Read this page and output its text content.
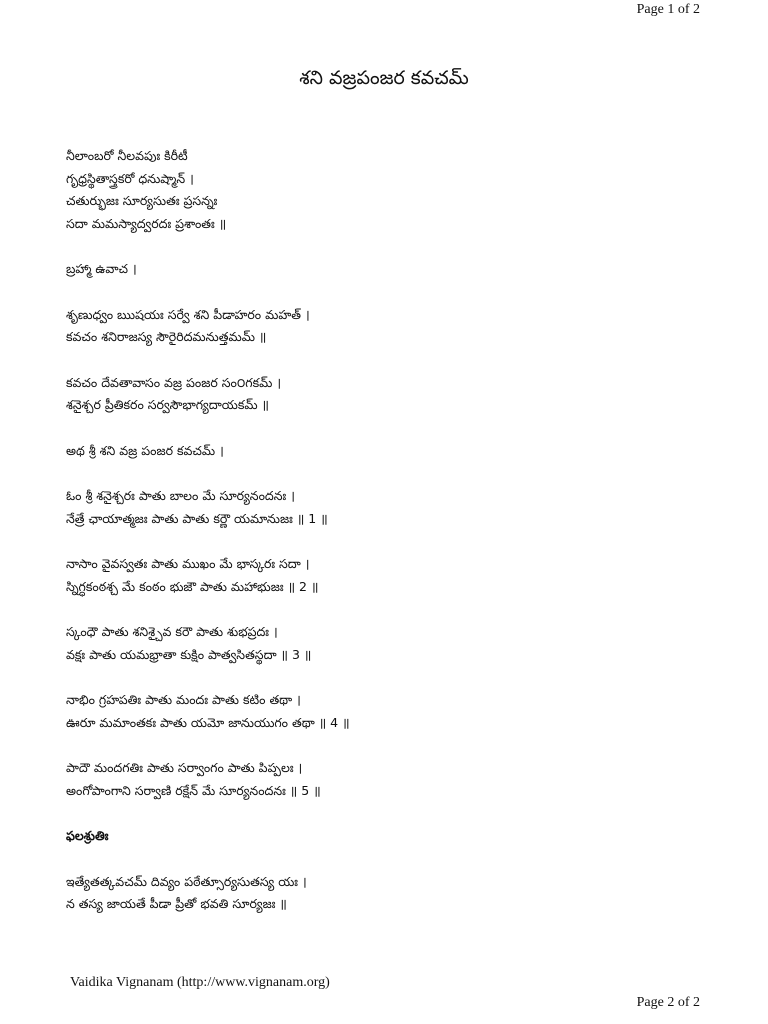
Page 1 of 2
శని వజ్రపంజర కవచమ్
నీలాంబరో నీలవపుః కిరీటీ
గృధ్రస్థితాస్త్రకరో ధనుష్మాన్ ।
చతుర్భుజః సూర్యసుతః ప్రసన్నః
సదా మమస్యాద్వరదః ప్రశాంతః ॥
బ్రహ్మా ఉవాచ ।
శృణుధ్వం ఋషయః సర్వే శని పీడాహరం మహత్ ।
కవచం శనిరాజస్య సౌరైరిదమనుత్తమమ్ ॥
కవచం దేవతావాసం వజ్ర పంజర సం౦గకమ్ ।
శనైశ్చర ప్రీతికరం సర్వసౌభాగ్యదాయకమ్ ॥
అథ శ్రీ శని వజ్ర పంజర కవచమ్ ।
ఓం శ్రీ శనైశ్చరః పాతు బాలం మే సూర్యనందనః ।
నేత్రే ఛాయాత్మజః పాతు పాతు కర్ణౌ యమానుజః ॥ 1 ॥
నాసాం వైవస్వతః పాతు ముఖం మే భాస్కరః సదా ।
స్నిగ్ధకంఠశ్చ మే కంఠం భుజౌ పాతు మహాభుజః ॥ 2 ॥
స్కంధౌ పాతు శనిశ్చైవ కరౌ పాతు శుభప్రదః ।
వక్షః పాతు యమభ్రాతా కుక్షిం పాత్వసితస్థదా ॥ 3 ॥
నాభిం గ్రహపతిః పాతు మందః పాతు కటిం తథా ।
ఊరూ మమాంతకః పాతు యమో జానుయుగం తథా ॥ 4 ॥
పాదౌ మందగతిః పాతు సర్వాంగం పాతు పిప్పలః ।
అంగోపాంగాని సర్వాణి రక్షేన్ మే సూర్యనందనః ॥ 5 ॥
ఫలశ్రుతిః
ఇత్యేతత్కవచమ్ దివ్యం పఠేత్సూర్యసుతస్య యః ।
న తస్య జాయతే పీడా ప్రీతో భవతి సూర్యజః ॥
Vaidika Vignanam (http://www.vignanam.org)
Page 2 of 2
